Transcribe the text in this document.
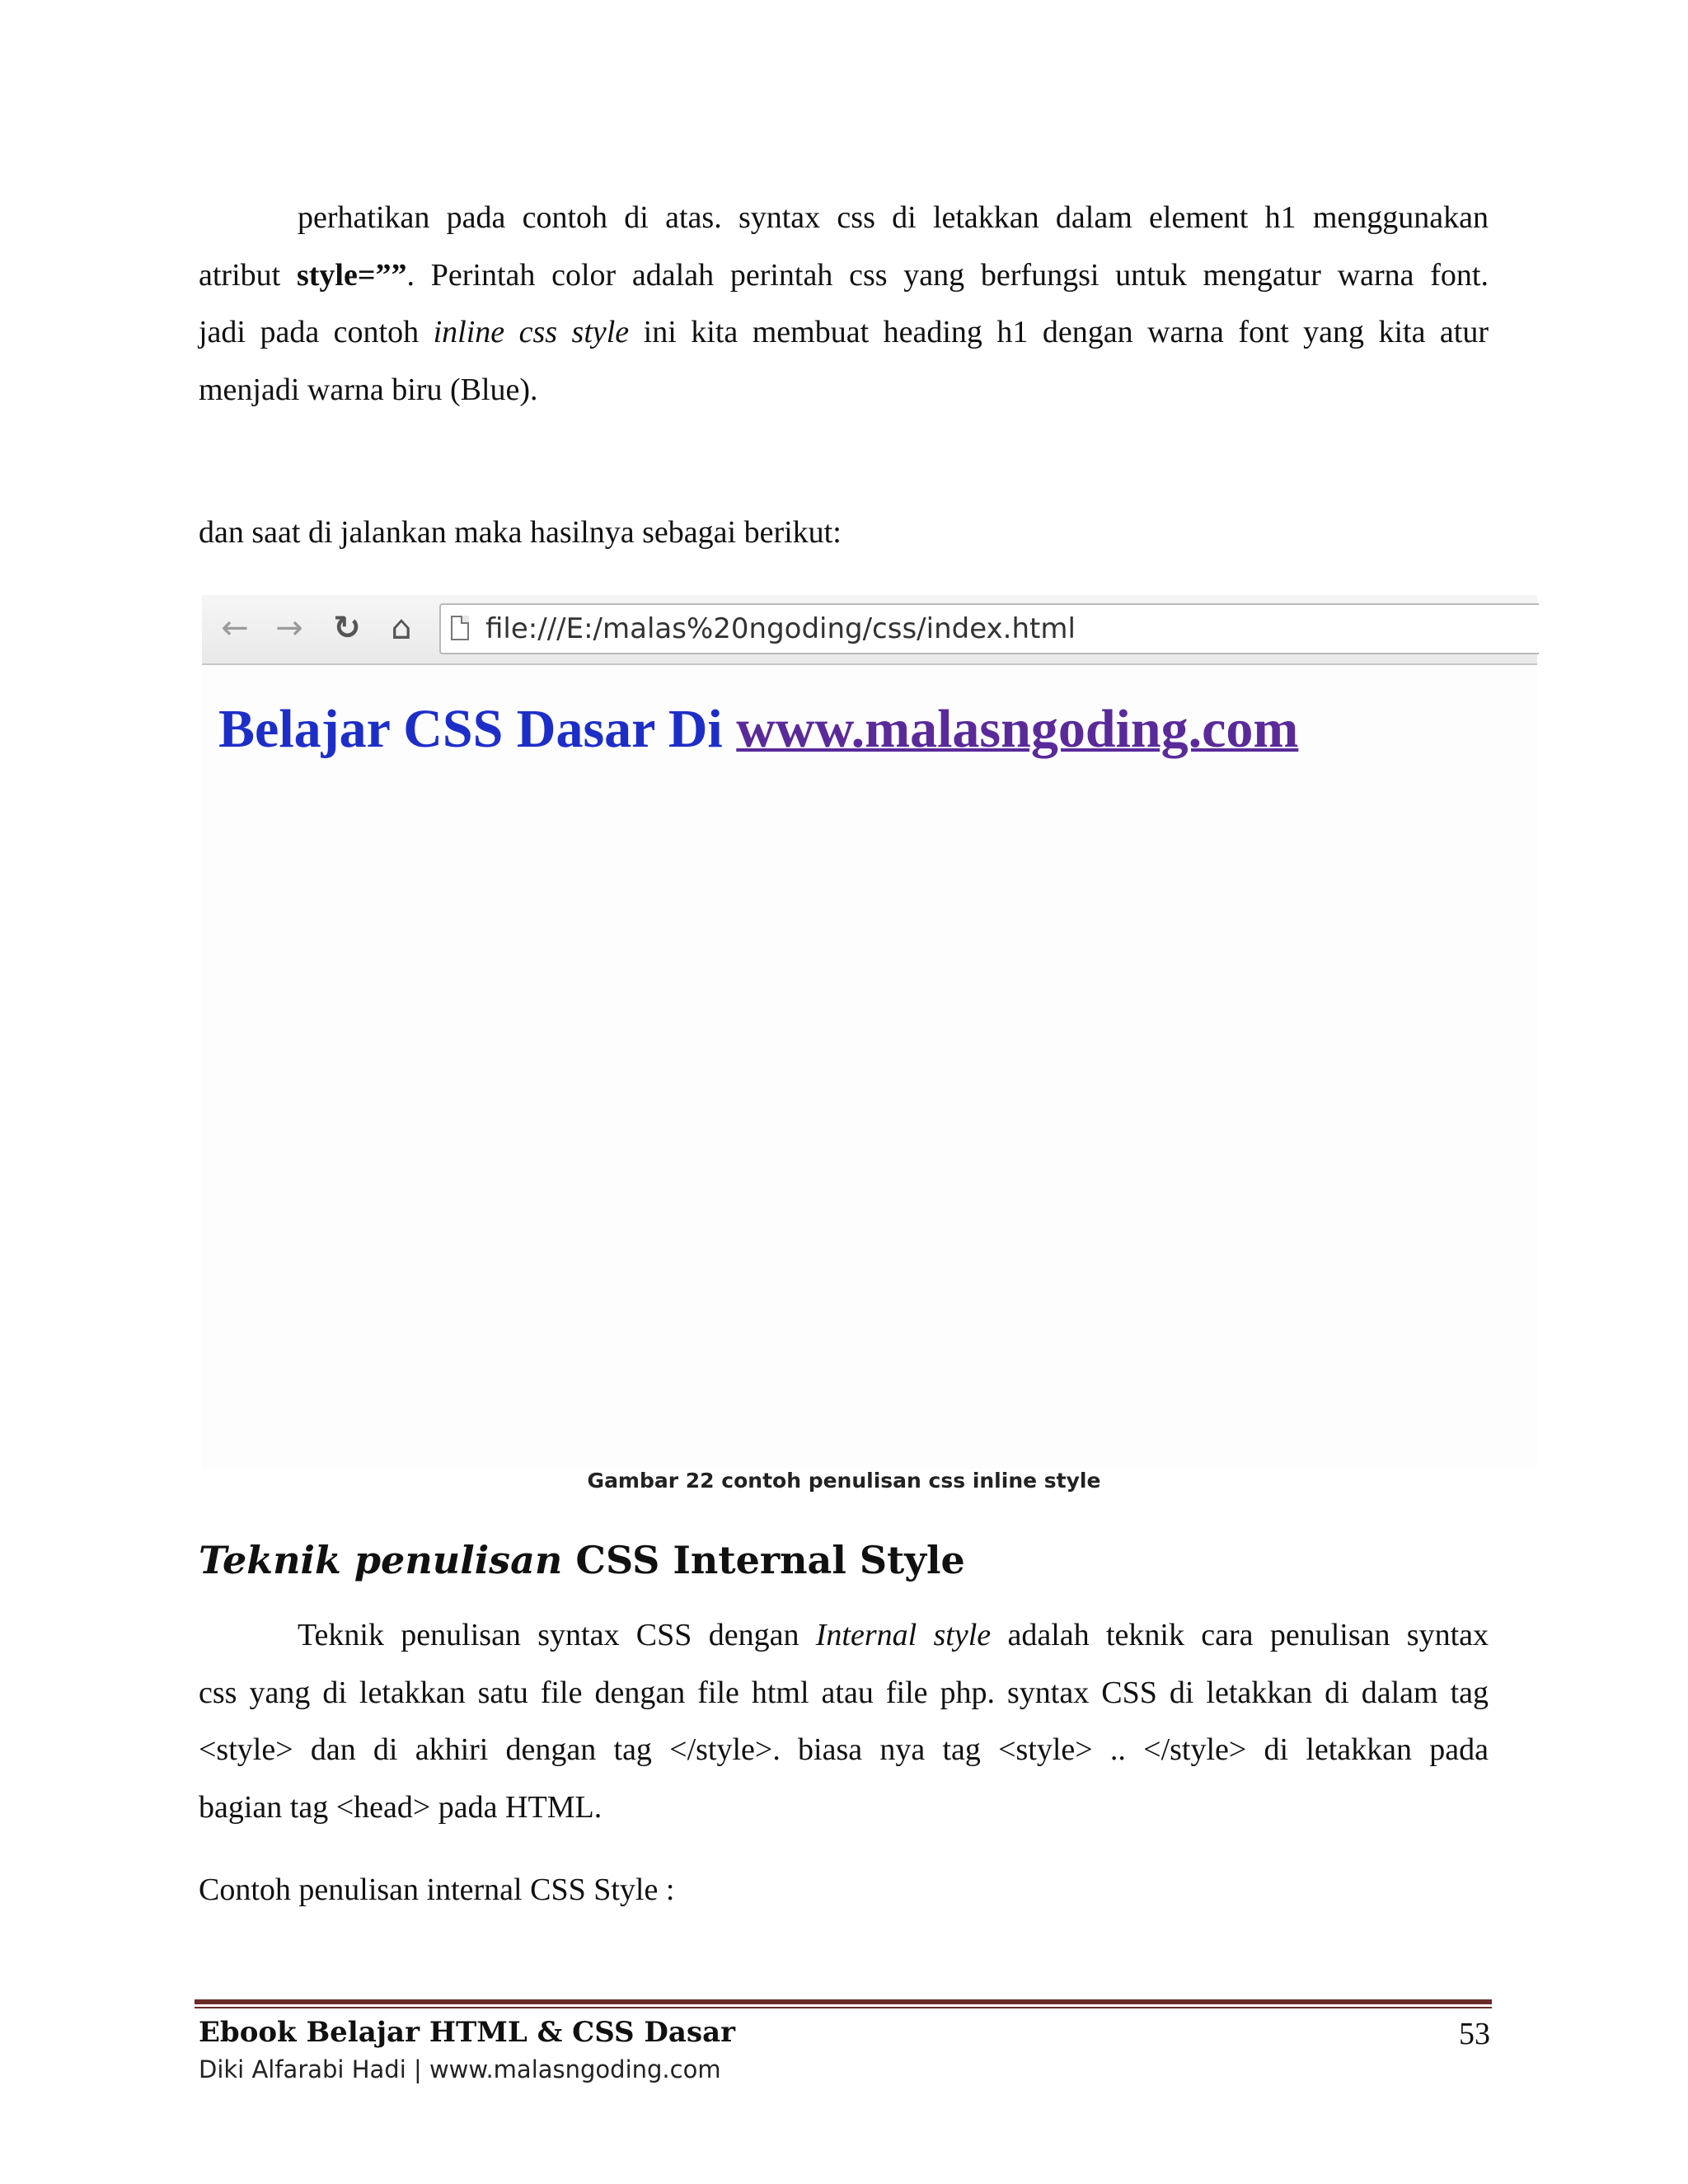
perhatikan pada contoh di atas. syntax css di letakkan dalam element h1 menggunakan
atribut style=””. Perintah color adalah perintah css yang berfungsi untuk mengatur warna font.
jadi pada contoh inline css style ini kita membuat heading h1 dengan warna font yang kita atur
menjadi warna biru (Blue).

dan saat di jalankan maka hasilnya sebagai berikut:

← → ↻ ⌂	file:///E:/malas%20ngoding/css/index.html
Belajar CSS Dasar Di www.malasngoding.com
Gambar 22 contoh penulisan css inline style
Teknik penulisan CSS Internal Style

Teknik penulisan syntax CSS dengan Internal style adalah teknik cara penulisan syntax
css yang di letakkan satu file dengan file html atau file php. syntax CSS di letakkan di dalam tag
<style> dan di akhiri dengan tag </style>. biasa nya tag <style> .. </style> di letakkan pada
bagian tag <head> pada HTML.

Contoh penulisan internal CSS Style :

Ebook Belajar HTML & CSS Dasar
Diki Alfarabi Hadi | www.malasngoding.com
53
